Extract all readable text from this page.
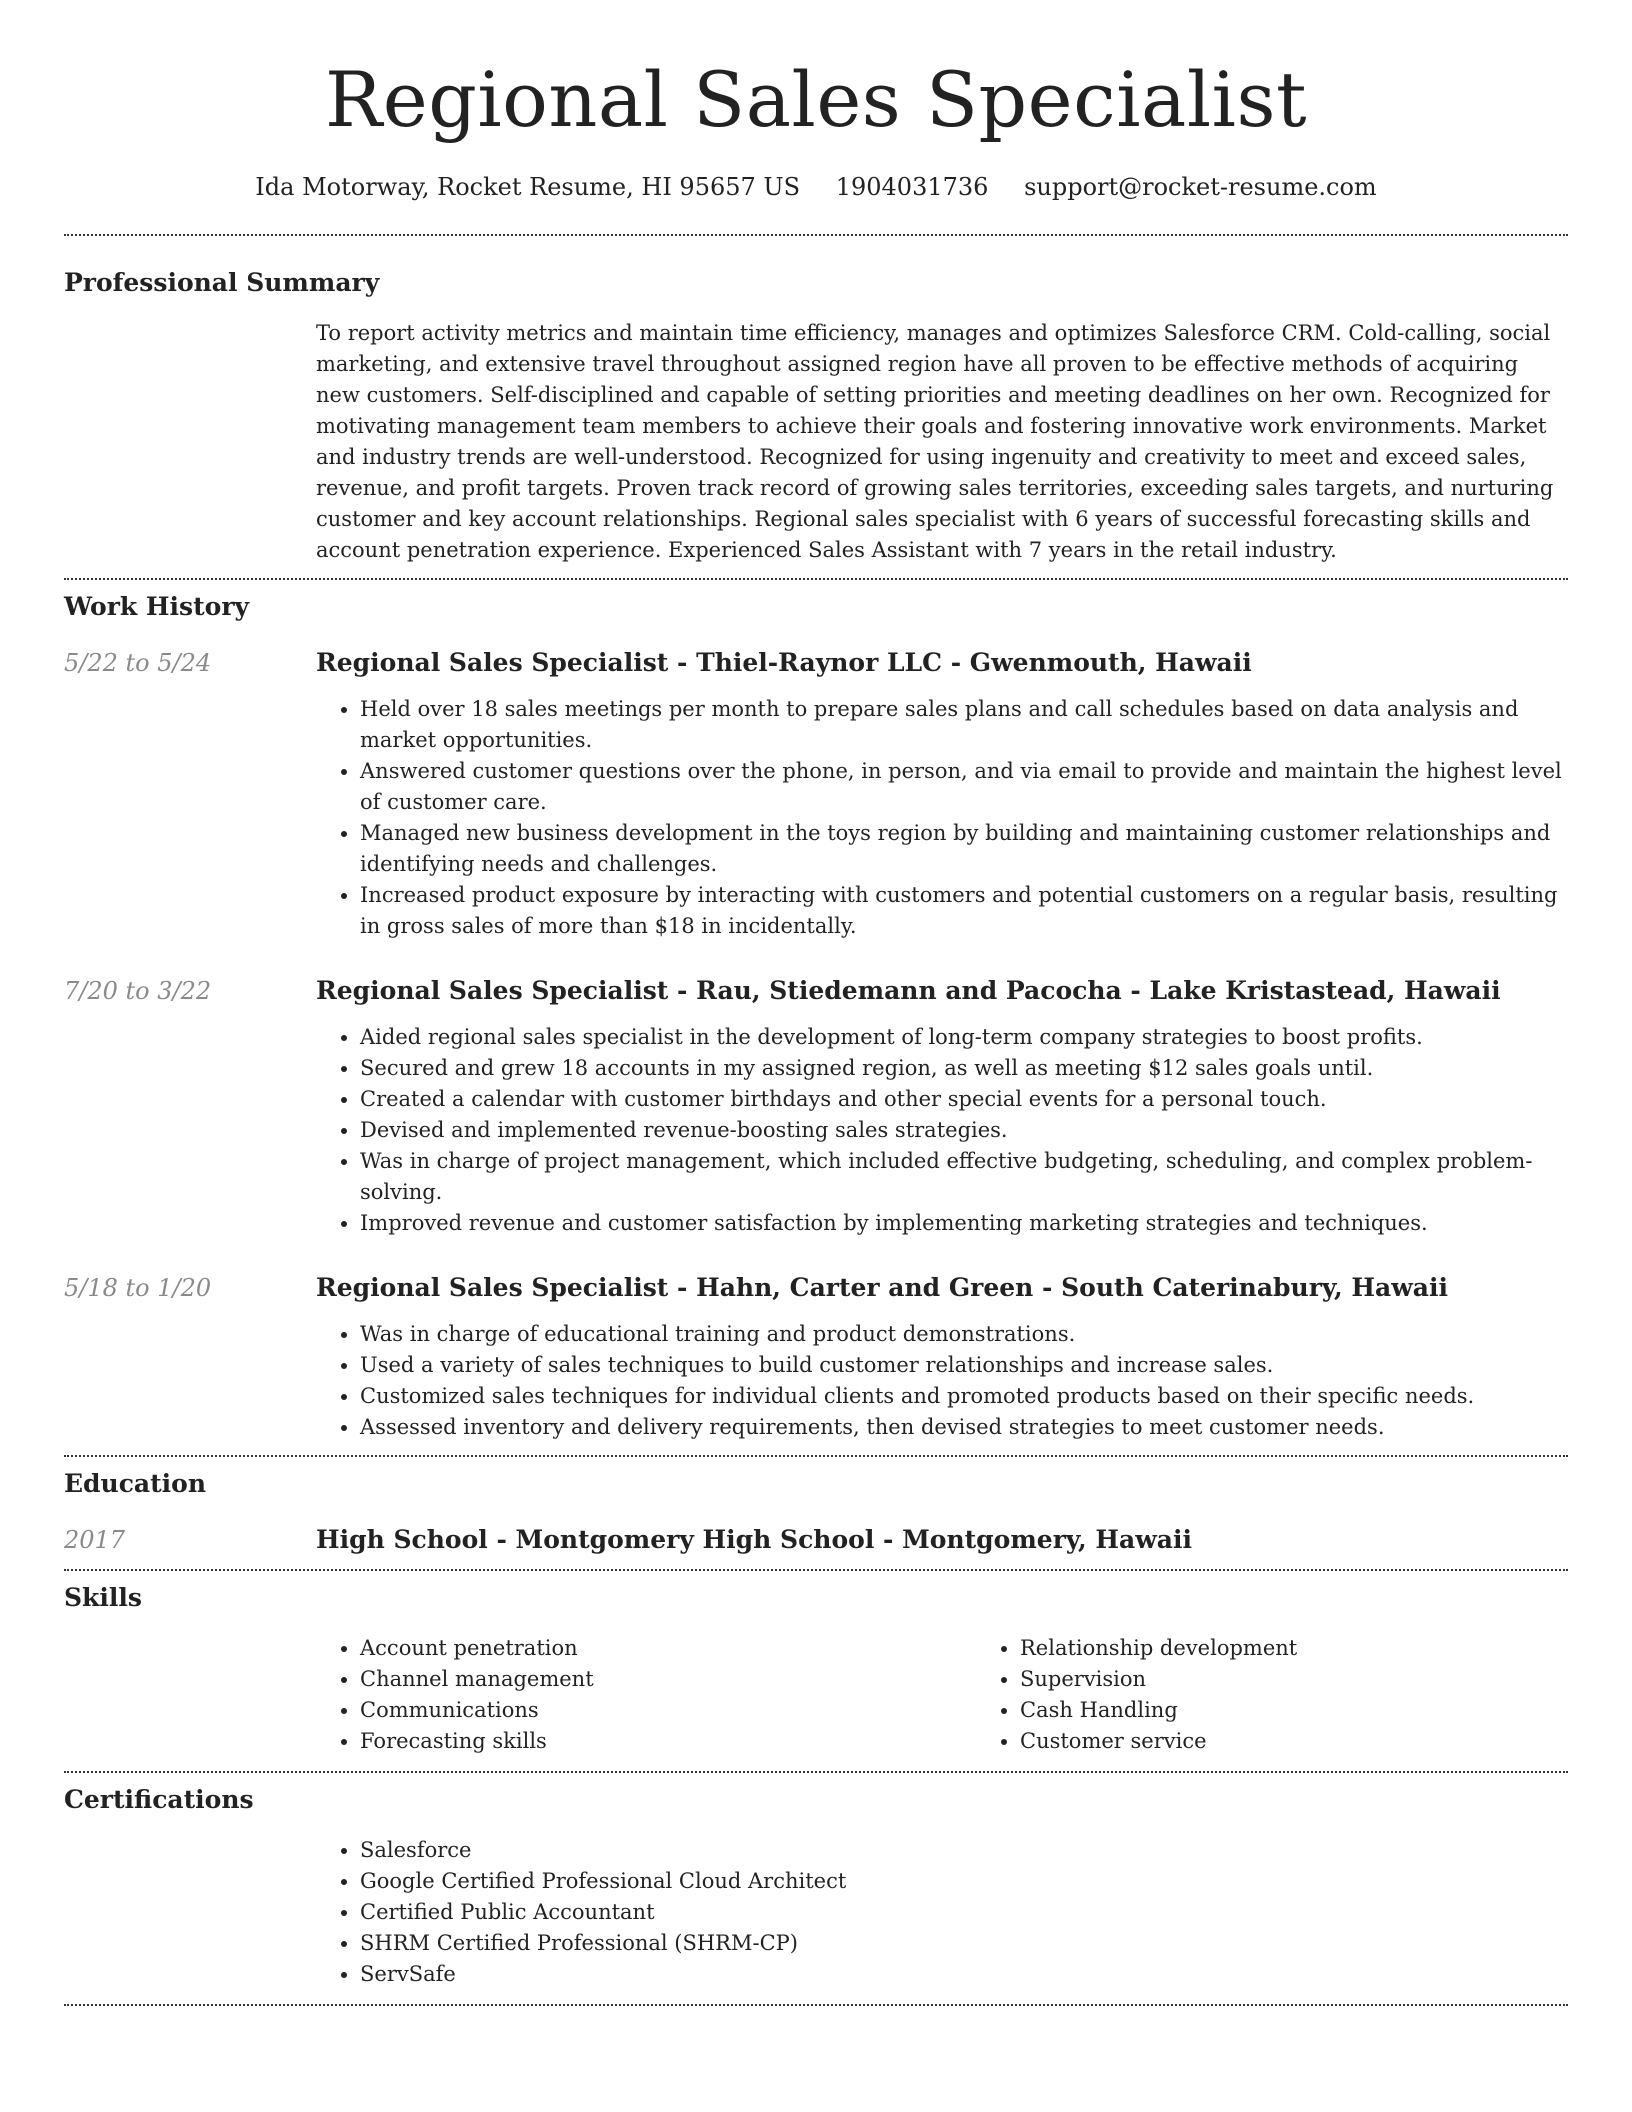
Regional Sales Specialist
Ida Motorway, Rocket Resume, HI 95657 US 1904031736 support@rocket-resume.com
Professional Summary

To report activity metrics and maintain time efficiency, manages and optimizes Salesforce CRM. Cold-calling, social marketing, and extensive travel throughout assigned region have all proven to be effective methods of acquiring new customers. Self-disciplined and capable of setting priorities and meeting deadlines on her own. Recognized for motivating management team members to achieve their goals and fostering innovative work environments. Market and industry trends are well-understood. Recognized for using ingenuity and creativity to meet and exceed sales, revenue, and profit targets. Proven track record of growing sales territories, exceeding sales targets, and nurturing customer and key account relationships. Regional sales specialist with 6 years of successful forecasting skills and account penetration experience. Experienced Sales Assistant with 7 years in the retail industry.

Work History
5/22 to 5/24	Regional Sales Specialist - Thiel-Raynor LLC - Gwenmouth, Hawaii
• Held over 18 sales meetings per month to prepare sales plans and call schedules based on data analysis and market opportunities.
• Answered customer questions over the phone, in person, and via email to provide and maintain the highest level of customer care.
• Managed new business development in the toys region by building and maintaining customer relationships and identifying needs and challenges.
• Increased product exposure by interacting with customers and potential customers on a regular basis, resulting in gross sales of more than $18 in incidentally.
7/20 to 3/22	Regional Sales Specialist - Rau, Stiedemann and Pacocha - Lake Kristastead, Hawaii
• Aided regional sales specialist in the development of long-term company strategies to boost profits.
• Secured and grew 18 accounts in my assigned region, as well as meeting $12 sales goals until.
• Created a calendar with customer birthdays and other special events for a personal touch.
• Devised and implemented revenue-boosting sales strategies.
• Was in charge of project management, which included effective budgeting, scheduling, and complex problem-solving.
• Improved revenue and customer satisfaction by implementing marketing strategies and techniques.
5/18 to 1/20	Regional Sales Specialist - Hahn, Carter and Green - South Caterinabury, Hawaii
• Was in charge of educational training and product demonstrations.
• Used a variety of sales techniques to build customer relationships and increase sales.
• Customized sales techniques for individual clients and promoted products based on their specific needs.
• Assessed inventory and delivery requirements, then devised strategies to meet customer needs.
Education
2017	High School - Montgomery High School - Montgomery, Hawaii
Skills
• Account penetration
• Channel management
• Communications
• Forecasting skills
• Relationship development
• Supervision
• Cash Handling
• Customer service
Certifications
• Salesforce
• Google Certified Professional Cloud Architect
• Certified Public Accountant
• SHRM Certified Professional (SHRM-CP)
• ServSafe
